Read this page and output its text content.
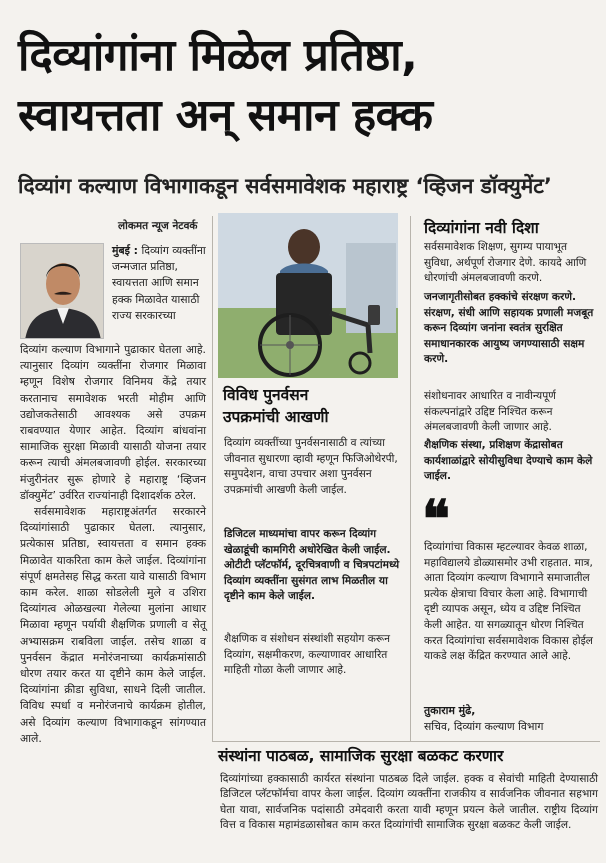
दिव्यांगांना मिळेल प्रतिष्ठा,
स्वायत्तता अन् समान हक्क
दिव्यांग कल्याण विभागाकडून सर्वसमावेशक महाराष्ट्र ‘व्हिजन डॉक्युमेंट’
लोकमत न्यूज नेटवर्क
मुंबई : दिव्यांग व्यक्तींना जन्मजात प्रतिष्ठा, स्वायत्तता आणि समान हक्क मिळावेत यासाठी राज्य सरकारच्या

दिव्यांग कल्याण विभागाने पुढाकार घेतला आहे. त्यानुसार दिव्यांग व्यक्तींना रोजगार मिळावा म्हणून विशेष रोजगार विनिमय केंद्रे तयार करतानाच समावेशक भरती मोहीम आणि उद्योजकतेसाठी आवश्यक असे उपक्रम राबवण्यात येणार आहेत. दिव्यांग बांधवांना सामाजिक सुरक्षा मिळावी यासाठी योजना तयार करून त्याची अंमलबजावणी होईल. सरकारच्या मंजुरीनंतर सुरू होणारे हे महाराष्ट्र ‘व्हिजन डॉक्युमेंट’ उर्वरित राज्यांनाही दिशादर्शक ठरेल.

सर्वसमावेशक महाराष्ट्रअंतर्गत सरकारने दिव्यांगांसाठी पुढाकार घेतला. त्यानुसार, प्रत्येकास प्रतिष्ठा, स्वायत्तता व समान हक्क मिळावेत याकरिता काम केले जाईल. दिव्यांगांना संपूर्ण क्षमतेसह सिद्ध करता यावे यासाठी विभाग काम करेल. शाळा सोडलेली मुले व उशिरा दिव्यांगत्व ओळखल्या गेलेल्या मुलांना आधार मिळावा म्हणून पर्यायी शैक्षणिक प्रणाली व सेतू अभ्यासक्रम राबविला जाईल. तसेच शाळा व पुनर्वसन केंद्रात मनोरंजनाच्या कार्यक्रमांसाठी धोरण तयार करत या दृष्टीने काम केले जाईल. दिव्यांगांना क्रीडा सुविधा, साधने दिली जातील. विविध स्पर्धा व मनोरंजनाचे कार्यक्रम होतील, असे दिव्यांग कल्याण विभागाकडून सांगण्यात आले.

विविध पुनर्वसन
उपक्रमांची आखणी
दिव्यांग व्यक्तींच्या पुनर्वसनासाठी व त्यांच्या जीवनात सुधारणा व्हावी म्हणून फिजिओथेरपी, समुपदेशन, वाचा उपचार अशा पुनर्वसन उपक्रमांची आखणी केली जाईल.
डिजिटल माध्यमांचा वापर करून दिव्यांग खेळाडूंची कामगिरी अधोरेखित केली जाईल. ओटीटी प्लॅटफॉर्म, दूरचित्रवाणी व चित्रपटांमध्ये दिव्यांग व्यक्तींना सुसंगत लाभ मिळतील या दृष्टीने काम केले जाईल.
शैक्षणिक व संशोधन संस्थांशी सहयोग करून दिव्यांग, सक्षमीकरण, कल्याणावर आधारित माहिती गोळा केली जाणार आहे.
दिव्यांगांना नवी दिशा
सर्वसमावेशक शिक्षण, सुगम्य पायाभूत सुविधा, अर्थपूर्ण रोजगार देणे. कायदे आणि धोरणांची अंमलबजावणी करणे.
जनजागृतीसोबत हक्कांचे संरक्षण करणे. संरक्षण, संधी आणि सहायक प्रणाली मजबूत करून दिव्यांग जनांना स्वतंत्र सुरक्षित समाधानकारक आयुष्य जगण्यासाठी सक्षम करणे.
संशोधनावर आधारित व नावीन्यपूर्ण संकल्पनांद्वारे उद्दिष्ट निश्चित करून अंमलबजावणी केली जाणार आहे.
शैक्षणिक संस्था, प्रशिक्षण केंद्रासोबत कार्यशाळांद्वारे सोयीसुविधा देण्याचे काम केले जाईल.
❝
दिव्यांगांचा विकास म्हटल्यावर केवळ शाळा, महाविद्यालये डोळ्यासमोर उभी राहतात. मात्र, आता दिव्यांग कल्याण विभागाने समाजातील प्रत्येक क्षेत्राचा विचार केला आहे. विभागाची दृष्टी व्यापक असून, ध्येय व उद्दिष्ट निश्चित केली आहेत. या सगळ्यातून धोरण निश्चित करत दिव्यांगांचा सर्वसमावेशक विकास होईल याकडे लक्ष केंद्रित करण्यात आले आहे.
तुकाराम मुंढे,
सचिव, दिव्यांग कल्याण विभाग
संस्थांना पाठबळ, सामाजिक सुरक्षा बळकट करणार
दिव्यांगांच्या हक्कासाठी कार्यरत संस्थांना पाठबळ दिले जाईल. हक्क व सेवांची माहिती देण्यासाठी डिजिटल प्लॅटफॉर्मचा वापर केला जाईल. दिव्यांग व्यक्तींना राजकीय व सार्वजनिक जीवनात सहभाग घेता यावा, सार्वजनिक पदांसाठी उमेदवारी करता यावी म्हणून प्रयत्न केले जातील. राष्ट्रीय दिव्यांग वित्त व विकास महामंडळासोबत काम करत दिव्यांगांची सामाजिक सुरक्षा बळकट केली जाईल.
